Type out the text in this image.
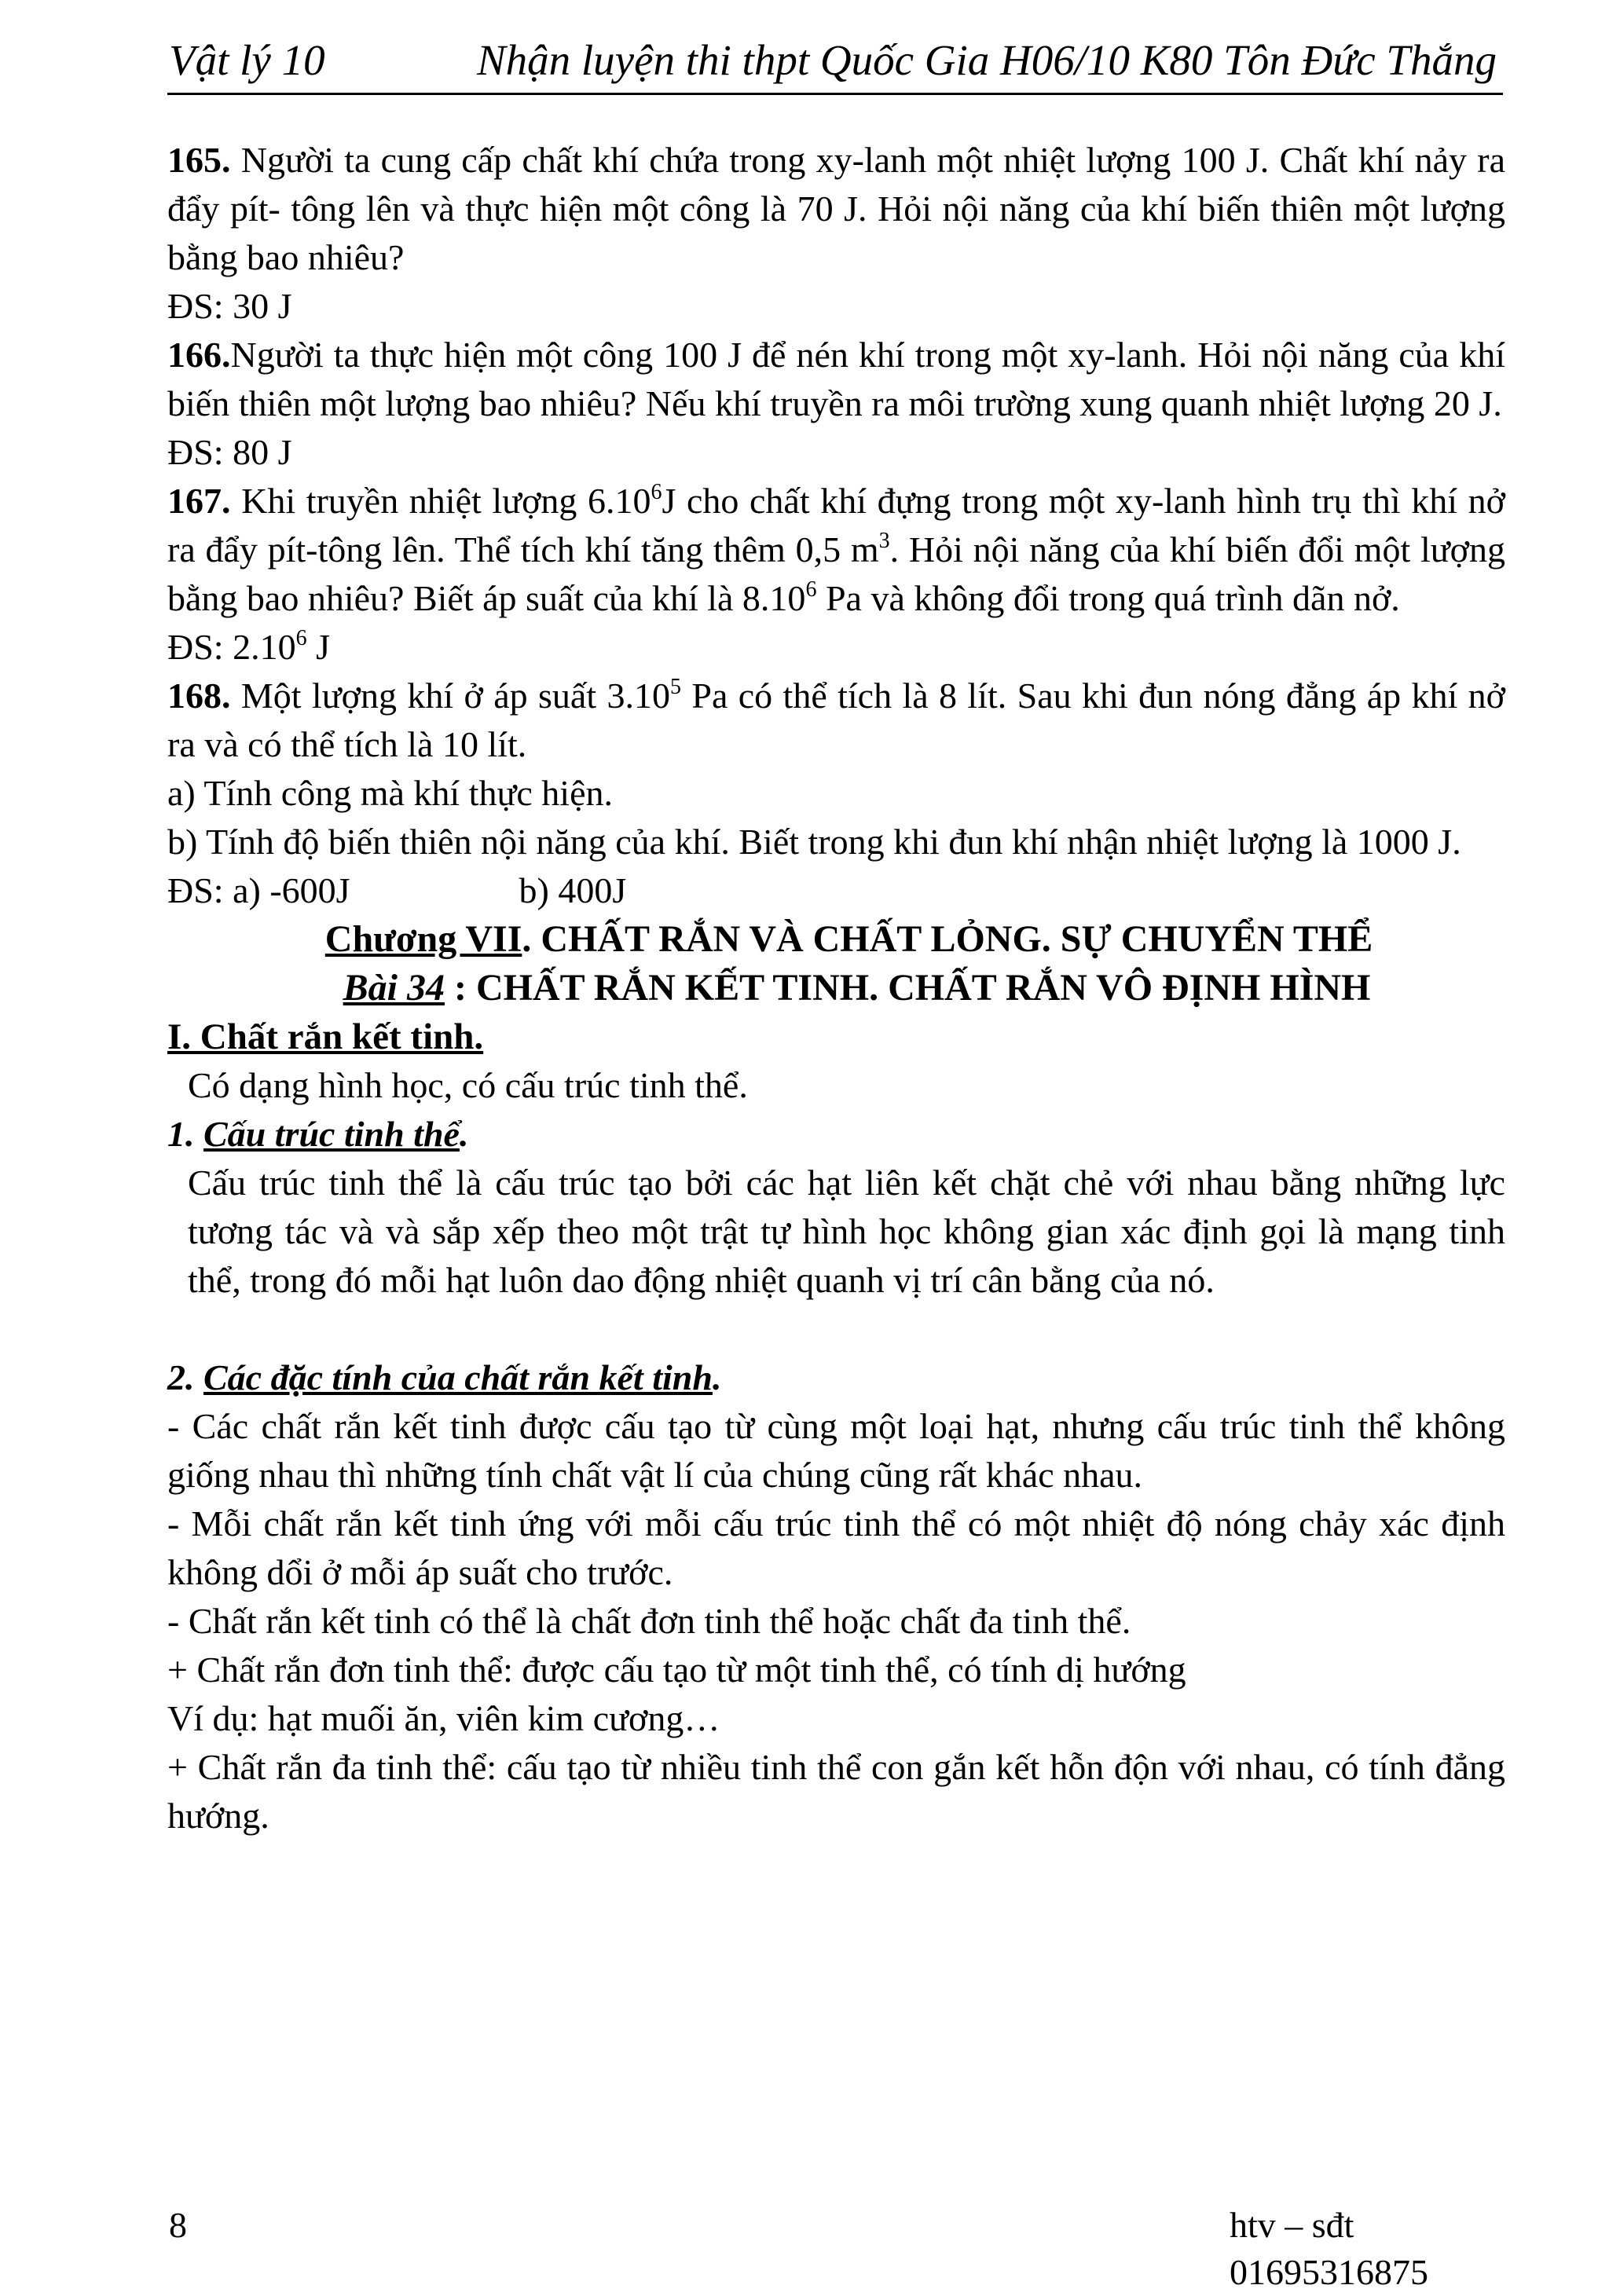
Vật lý 10	Nhận luyện thi thpt Quốc Gia H06/10 K80 Tôn Đức Thắng

165. Người ta cung cấp chất khí chứa trong xy-lanh một nhiệt lượng 100 J. Chất khí nảy ra đẩy pít- tông lên và thực hiện một công là 70 J. Hỏi nội năng của khí biến thiên một lượng bằng bao nhiêu?

ĐS: 30 J

166.Người ta thực hiện một công 100 J để nén khí trong một xy-lanh. Hỏi nội năng của khí biến thiên một lượng bao nhiêu? Nếu khí truyền ra môi trường xung quanh nhiệt lượng 20 J.

ĐS: 80 J

167. Khi truyền nhiệt lượng 6.10$^6$J cho chất khí đựng trong một xy-lanh hình trụ thì khí nở ra đẩy pít-tông lên. Thể tích khí tăng thêm 0,5 $m^3$. Hỏi nội năng của khí biến đổi một lượng bằng bao nhiêu? Biết áp suất của khí là 8.10$^6$ Pa và không đổi trong quá trình dãn nở.

ĐS: 2.10$^6$ J

168. Một lượng khí ở áp suất 3.10$^5$ Pa có thể tích là 8 lít. Sau khi đun nóng đẳng áp khí nở ra và có thể tích là 10 lít.

a) Tính công mà khí thực hiện.

b) Tính độ biến thiên nội năng của khí. Biết trong khi đun khí nhận nhiệt lượng là 1000 J.

ĐS: a) -600J	b) 400J

Chương VII. CHẤT RẮN VÀ CHẤT LỎNG. SỰ CHUYỂN THỂ

Bài 34 : CHẤT RẮN KẾT TINH. CHẤT RẮN VÔ ĐỊNH HÌNH

I. Chất rắn kết tinh.

Có dạng hình học, có cấu trúc tinh thể.

1. Cấu trúc tinh thể.

Cấu trúc tinh thể là cấu trúc tạo bởi các hạt liên kết chặt chẻ với nhau bằng những lực tương tác và và sắp xếp theo một trật tự hình học không gian xác định gọi là mạng tinh thể, trong đó mỗi hạt luôn dao động nhiệt quanh vị trí cân bằng của nó.

2. Các đặc tính của chất rắn kết tinh.

- Các chất rắn kết tinh được cấu tạo từ cùng một loại hạt, nhưng cấu trúc tinh thể không giống nhau thì những tính chất vật lí của chúng cũng rất khác nhau.

- Mỗi chất rắn kết tinh ứng với mỗi cấu trúc tinh thể có một nhiệt độ nóng chảy xác định không dổi ở mỗi áp suất cho trước.

- Chất rắn kết tinh có thể là chất đơn tinh thể hoặc chất đa tinh thể.

+ Chất rắn đơn tinh thể: được cấu tạo từ một tinh thể, có tính dị hướng

Ví dụ: hạt muối ăn, viên kim cương…

+ Chất rắn đa tinh thể: cấu tạo từ nhiều tinh thể con gắn kết hỗn độn với nhau, có tính đẳng hướng.

8	htv – sđt 01695316875
